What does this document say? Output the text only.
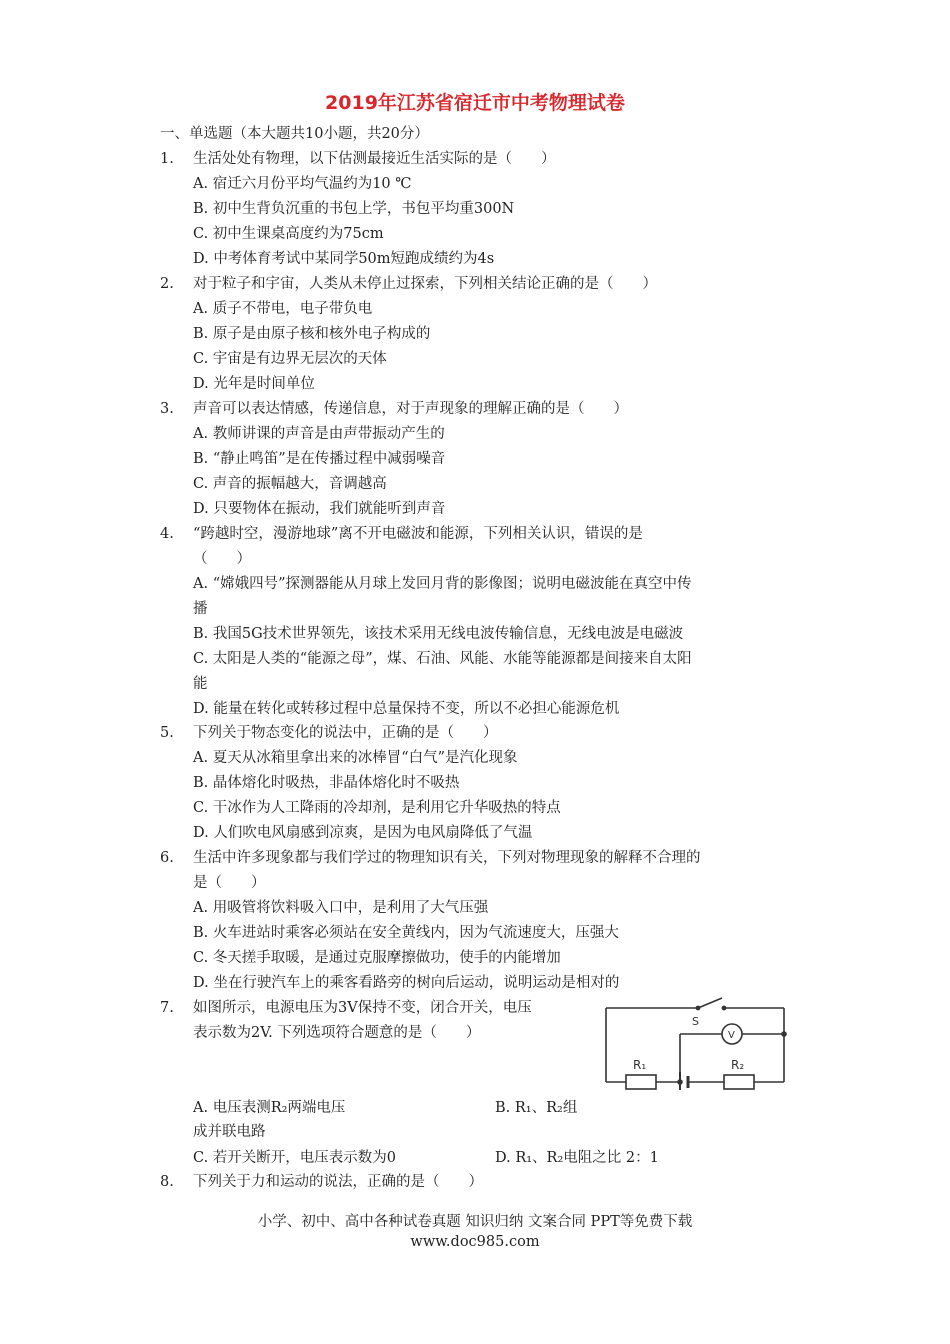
2019年江苏省宿迁市中考物理试卷
一、单选题（本大题共10小题，共20分）
1. 生活处处有物理，以下估测最接近生活实际的是（　　）
A. 宿迁六月份平均气温约为10 ℃
B. 初中生背负沉重的书包上学，书包平均重300N
C. 初中生课桌高度约为75cm
D. 中考体育考试中某同学50m短跑成绩约为4s
2. 对于粒子和宇宙，人类从未停止过探索，下列相关结论正确的是（　　）
A. 质子不带电，电子带负电
B. 原子是由原子核和核外电子构成的
C. 宇宙是有边界无层次的天体
D. 光年是时间单位
3. 声音可以表达情感，传递信息，对于声现象的理解正确的是（　　）
A. 教师讲课的声音是由声带振动产生的
B. “静止鸣笛”是在传播过程中减弱噪音
C. 声音的振幅越大，音调越高
D. 只要物体在振动，我们就能听到声音
4. “跨越时空，漫游地球”离不开电磁波和能源，下列相关认识，错误的是
（　　）
A. “嫦娥四号”探测器能从月球上发回月背的影像图；说明电磁波能在真空中传
播
B. 我国5G技术世界领先，该技术采用无线电波传输信息，无线电波是电磁波
C. 太阳是人类的“能源之母”，煤、石油、风能、水能等能源都是间接来自太阳
能
D. 能量在转化或转移过程中总量保持不变，所以不必担心能源危机
5. 下列关于物态变化的说法中，正确的是（　　）
A. 夏天从冰箱里拿出来的冰棒冒“白气”是汽化现象
B. 晶体熔化时吸热，非晶体熔化时不吸热
C. 干冰作为人工降雨的冷却剂，是利用它升华吸热的特点
D. 人们吹电风扇感到凉爽，是因为电风扇降低了气温
6. 生活中许多现象都与我们学过的物理知识有关，下列对物理现象的解释不合理的
是（　　）
A. 用吸管将饮料吸入口中，是利用了大气压强
B. 火车进站时乘客必须站在安全黄线内，因为气流速度大，压强大
C. 冬天搓手取暖，是通过克服摩擦做功，使手的内能增加
D. 坐在行驶汽车上的乘客看路旁的树向后运动，说明运动是相对的
7. 如图所示，电源电压为3V保持不变，闭合开关，电压
表示数为2V. 下列选项符合题意的是（　　）
S
V
R₁	R₂
A. 电压表测R₂两端电压	B. R₁、R₂组
成并联电路
C. 若开关断开，电压表示数为0	D. R₁、R₂电阻之比 2：1
8. 下列关于力和运动的说法，正确的是（　　）
小学、初中、高中各种试卷真题 知识归纳 文案合同 PPT等免费下载
www.doc985.com
